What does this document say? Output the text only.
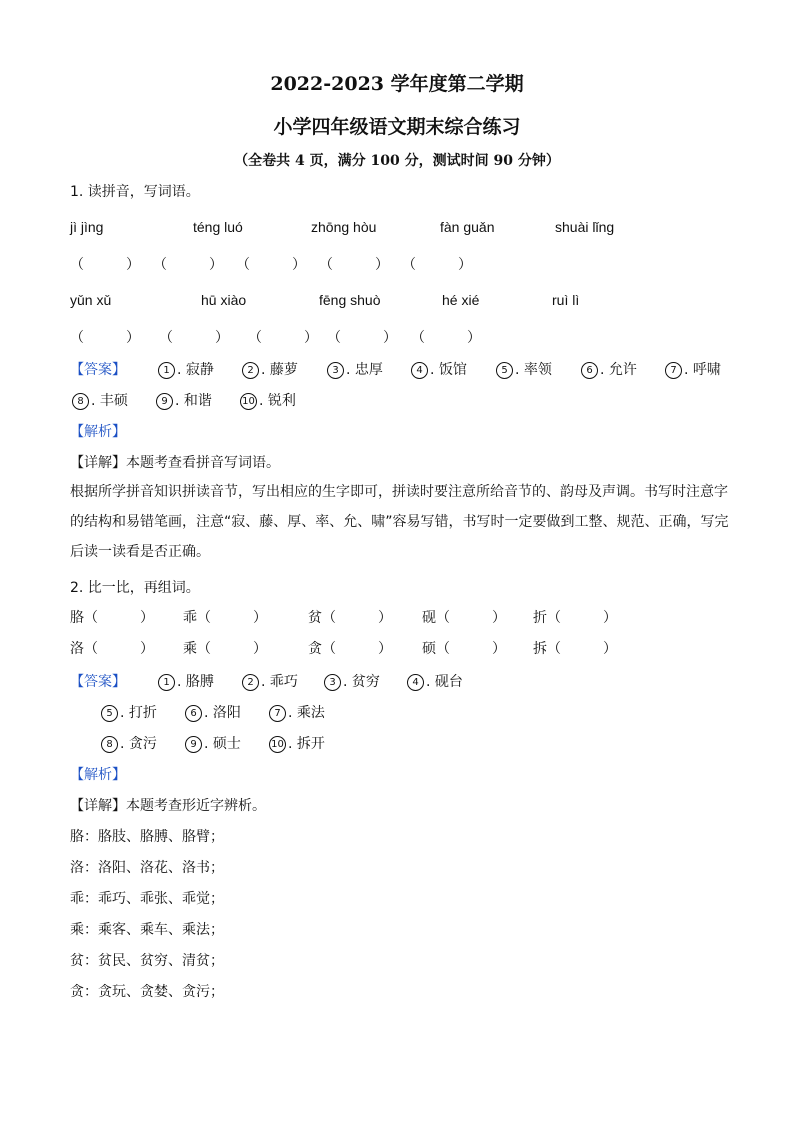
2022-2023 学年度第二学期
小学四年级语文期末综合练习
（全卷共 4 页，满分 100 分，测试时间 90 分钟）
1. 读拼音，写词语。
jì jìng	téng luó	zhōng hòu	fàn guǎn	shuài lǐng
（　　　） （　　　） （　　　） （　　　） （　　　）
yǔn xǔ	hū xiào	fēng shuò	hé xié	ruì lì
（　　　） （　　　） （　　　） （　　　） （　　　）
【答案】	1 . 寂静	2 . 藤萝	3 . 忠厚	4 . 饭馆	5 . 率领	6 . 允许	7 . 呼啸
8 . 丰硕	9 . 和谐	10 . 锐利
【解析】
【详解】本题考查看拼音写词语。
根据所学拼音知识拼读音节，写出相应的生字即可，拼读时要注意所给音节的、韵母及声调。书写时注意字的结构和易错笔画，注意“寂、藤、厚、率、允、啸”容易写错，书写时一定要做到工整、规范、正确，写完后读一读看是否正确。
2. 比一比，再组词。
胳（　　　） 乖（　　　）	贫（　　　） 砚（　　　） 折（　　　）
洛（　　　） 乘（　　　）	贪（　　　） 硕（　　　） 拆（　　　）
【答案】	1 . 胳膊	2 . 乖巧	3 . 贫穷	4 . 砚台
5 . 打折	6 . 洛阳	7 . 乘法
8 . 贪污	9 . 硕士	10 . 拆开
【解析】
【详解】本题考查形近字辨析。
胳：胳肢、胳膊、胳臂；
洛：洛阳、洛花、洛书；
乖：乖巧、乖张、乖觉；
乘：乘客、乘车、乘法；
贫：贫民、贫穷、清贫；
贪：贪玩、贪婪、贪污；
